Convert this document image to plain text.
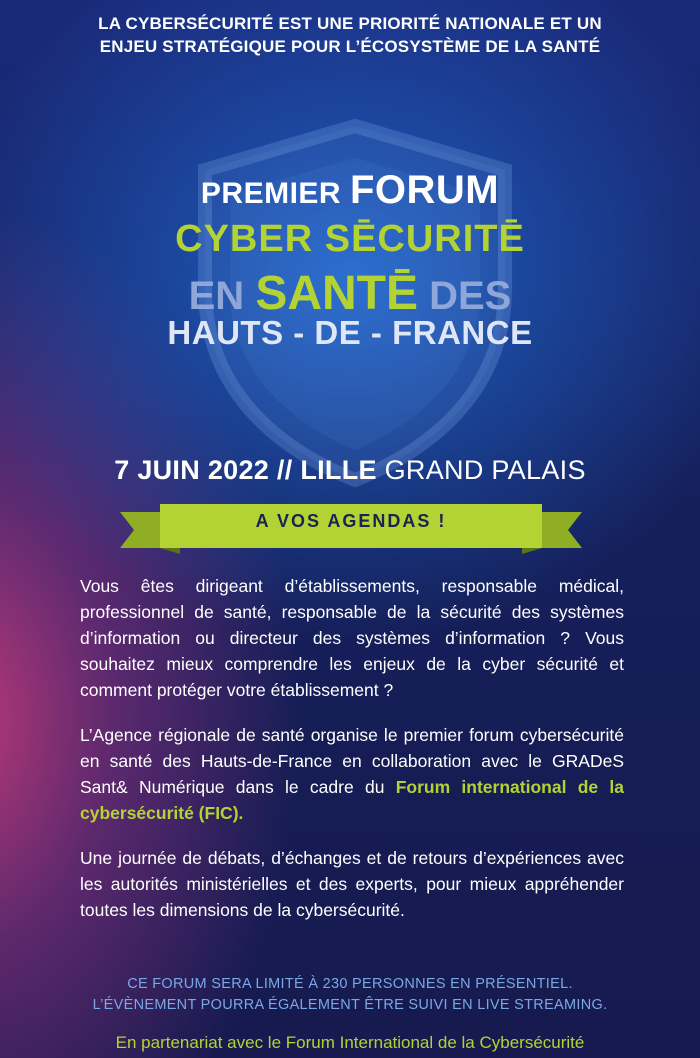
LA CYBERSÉCURITÉ EST UNE PRIORITÉ NATIONALE ET UN
ENJEU STRATÉGIQUE POUR L’ÉCOSYSTÈME DE LA SANTÉ
PREMIER FORUM
CYBER SĒCURITĒ
EN SANTĒ DES
HAUTS - DE - FRANCE
7 JUIN 2022 // LILLE GRAND PALAIS
A VOS AGENDAS !
Vous êtes dirigeant d’établissements, responsable médical, professionnel de santé, responsable de la sécurité des systèmes d’information ou directeur des systèmes d’information ? Vous souhaitez mieux comprendre les enjeux de la cyber sécurité et comment protéger votre établissement ?
L’Agence régionale de santé organise le premier forum cybersécurité en santé des Hauts-de-France en collaboration avec le GRADeS Sant& Numérique dans le cadre du Forum international de la cybersécurité (FIC).
Une journée de débats, d’échanges et de retours d’expériences avec les autorités ministérielles et des experts, pour mieux appréhender toutes les dimensions de la cybersécurité.
CE FORUM SERA LIMITÉ À 230 PERSONNES EN PRÉSENTIEL.
L’ÉVÈNEMENT POURRA ÉGALEMENT ÊTRE SUIVI EN LIVE STREAMING.
En partenariat avec le Forum International de la Cybersécurité
